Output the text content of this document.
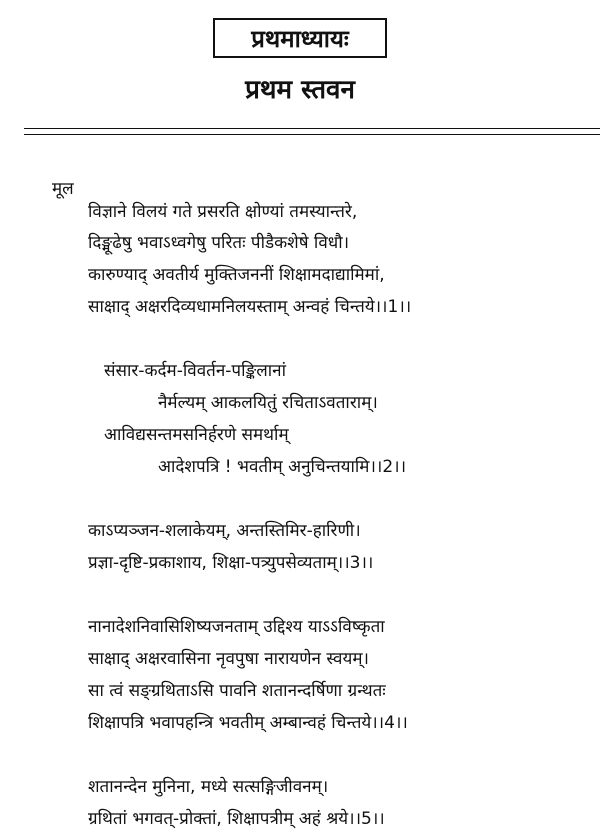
प्रथमाध्यायः
प्रथम स्तवन
मूल
विज्ञाने विलयं गते प्रसरति क्षोण्यां तमस्यान्तरे,
दिङ्मूढेषु भवाऽध्वगेषु परितः पीडैकशेषे विधौ।
कारुण्याद् अवतीर्य मुक्तिजननीं शिक्षामदाद्यामिमां,
साक्षाद् अक्षरदिव्यधामनिलयस्ताम् अन्वहं चिन्तये।।1।।
संसार-कर्दम-विवर्तन-पङ्किलानां
नैर्मल्यम् आकलयितुं रचिताऽवताराम्।
आविद्यसन्तमसनिर्हरणे समर्थाम्
आदेशपत्रि ! भवतीम् अनुचिन्तयामि।।2।।
काऽप्यञ्जन-शलाकेयम्, अन्तस्तिमिर-हारिणी।
प्रज्ञा-दृष्टि-प्रकाशाय, शिक्षा-पत्र्युपसेव्यताम्।।3।।
नानादेशनिवासिशिष्यजनताम् उद्दिश्य याऽऽविष्कृता
साक्षाद् अक्षरवासिना नृवपुषा नारायणेन स्वयम्।
सा त्वं सङ्ग्रथिताऽसि पावनि शतानन्दर्षिणा ग्रन्थतः
शिक्षापत्रि भवापहन्त्रि भवतीम् अम्बान्वहं चिन्तये।।4।।
शतानन्देन मुनिना, मध्ये सत्सङ्गिजीवनम्।
ग्रथितां भगवत्-प्रोक्तां, शिक्षापत्रीम् अहं श्रये।।5।।
